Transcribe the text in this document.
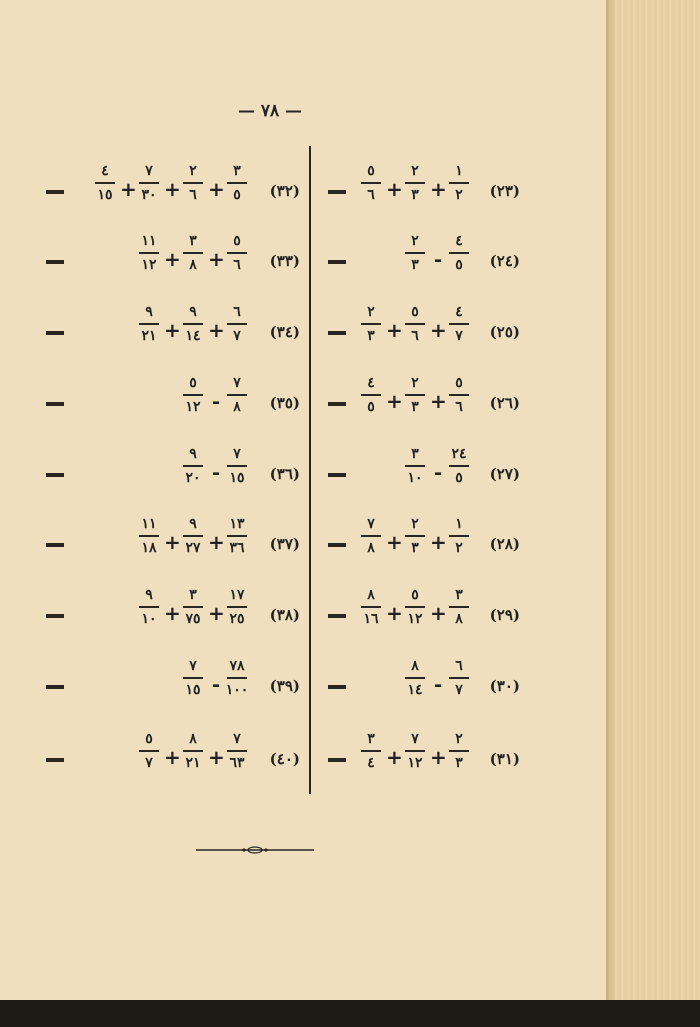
— ٧٨ —
(٢٣)
١
٢
+
٢
٣
+
٥
٦
(٢٤)
٤
٥
-
٢
٣
(٢٥)
٤
٧
+
٥
٦
+
٢
٣
(٢٦)
٥
٦
+
٢
٣
+
٤
٥
(٢٧)
٢٤
٥
-
٣
١٠
(٢٨)
١
٢
+
٢
٣
+
٧
٨
(٢٩)
٣
٨
+
٥
١٢
+
٨
١٦
(٣٠)
٦
٧
-
٨
١٤
(٣١)
٢
٣
+
٧
١٢
+
٣
٤
(٣٢)
٣
٥
+
٢
٦
+
٧
٣٠
+
٤
١٥
(٣٣)
٥
٦
+
٣
٨
+
١١
١٢
(٣٤)
٦
٧
+
٩
١٤
+
٩
٢١
(٣٥)
٧
٨
-
٥
١٢
(٣٦)
٧
١٥
-
٩
٢٠
(٣٧)
١٣
٣٦
+
٩
٢٧
+
١١
١٨
(٣٨)
١٧
٢٥
+
٣
٧٥
+
٩
١٠
(٣٩)
٧٨
١٠٠
-
٧
١٥
(٤٠)
٧
٦٣
+
٨
٢١
+
٥
٧
